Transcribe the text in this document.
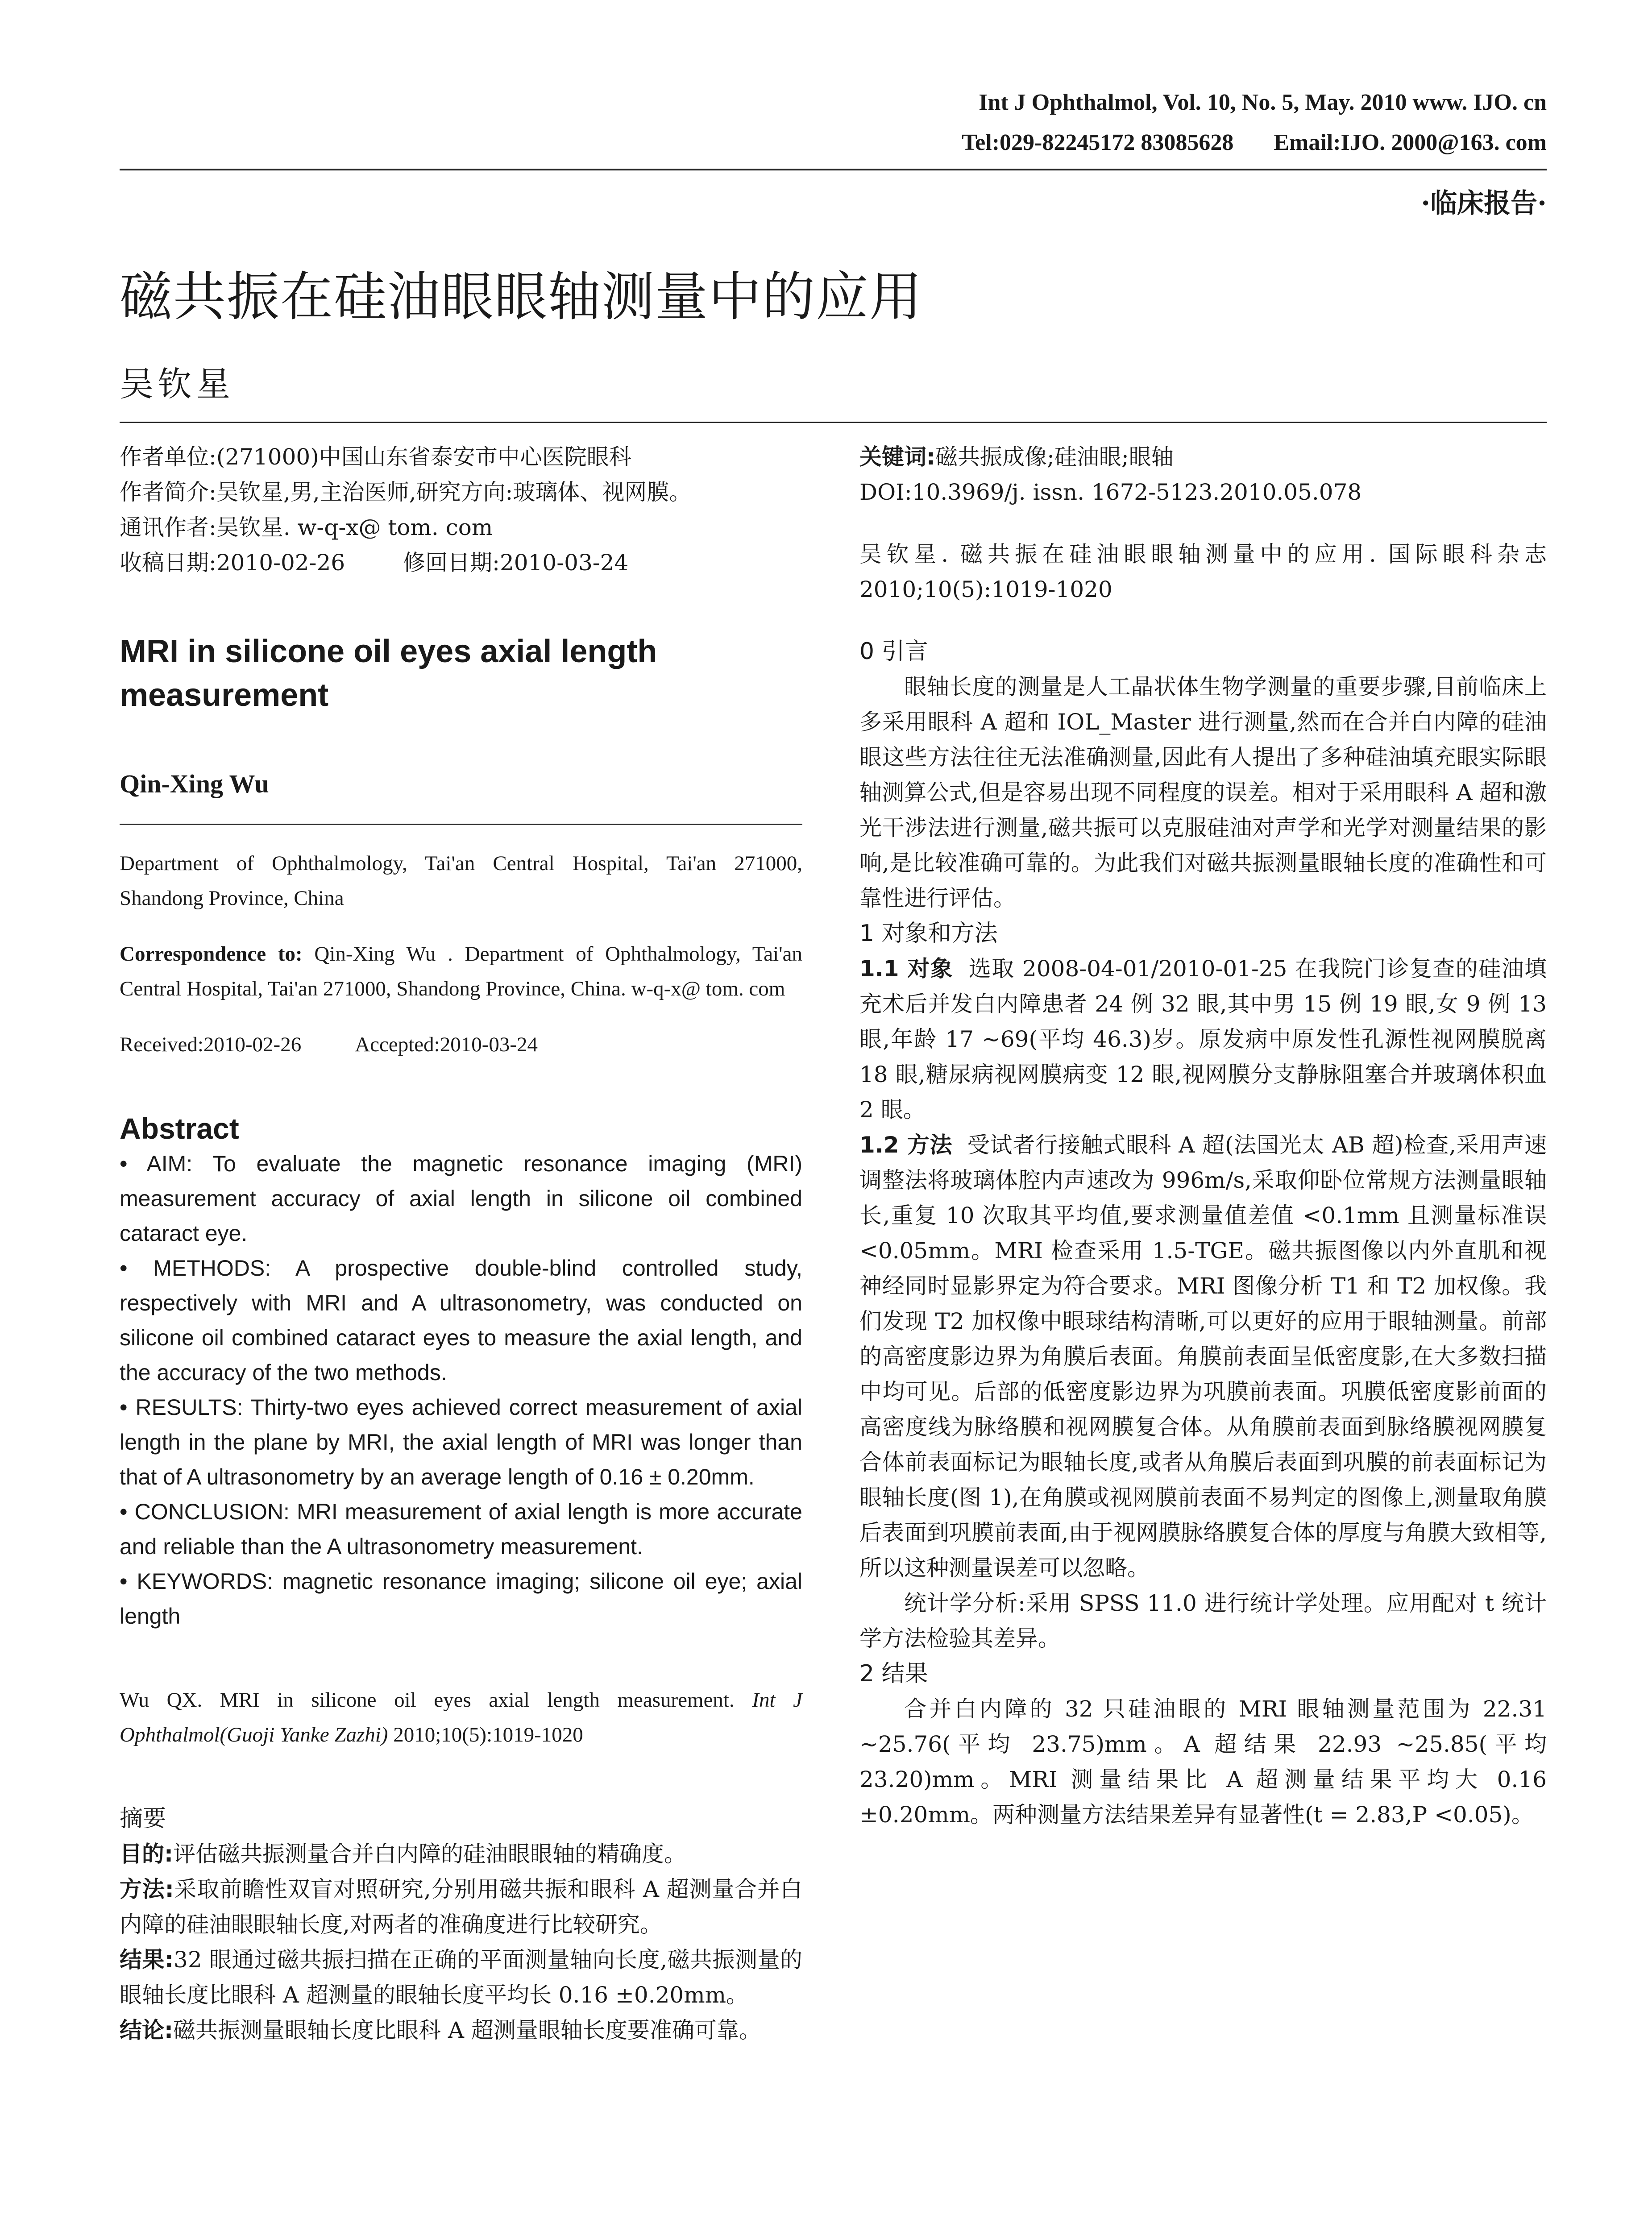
Int J Ophthalmol, Vol. 10, No. 5, May. 2010 www. IJO. cn
Tel:029-82245172 83085628 Email:IJO. 2000@163. com
·临床报告·
磁共振在硅油眼眼轴测量中的应用
吴钦星

作者单位:(271000)中国山东省泰安市中心医院眼科

作者简介:吴钦星,男,主治医师,研究方向:玻璃体、视网膜。

通讯作者:吴钦星. w-q-x@ tom. com

收稿日期:2010-02-26	修回日期:2010-03-24

MRI in silicone oil eyes axial length measurement
Qin-Xing Wu

Department of Ophthalmology, Tai'an Central Hospital, Tai'an 271000, Shandong Province, China

Correspondence to: Qin-Xing Wu . Department of Ophthalmology, Tai'an Central Hospital, Tai'an 271000, Shandong Province, China. w-q-x@ tom. com

Received:2010-02-26	Accepted:2010-03-24

Abstract

• AIM: To evaluate the magnetic resonance imaging (MRI) measurement accuracy of axial length in silicone oil combined cataract eye.

• METHODS: A prospective double-blind controlled study, respectively with MRI and A ultrasonometry, was conducted on silicone oil combined cataract eyes to measure the axial length, and the accuracy of the two methods.

• RESULTS: Thirty-two eyes achieved correct measurement of axial length in the plane by MRI, the axial length of MRI was longer than that of A ultrasonometry by an average length of 0.16 ± 0.20mm.

• CONCLUSION: MRI measurement of axial length is more accurate and reliable than the A ultrasonometry measurement.

• KEYWORDS: magnetic resonance imaging; silicone oil eye; axial length

Wu QX. MRI in silicone oil eyes axial length measurement. Int J Ophthalmol(Guoji Yanke Zazhi) 2010;10(5):1019-1020

摘要

目的:评估磁共振测量合并白内障的硅油眼眼轴的精确度。

方法:采取前瞻性双盲对照研究,分别用磁共振和眼科 A 超测量合并白内障的硅油眼眼轴长度,对两者的准确度进行比较研究。

结果:32 眼通过磁共振扫描在正确的平面测量轴向长度,磁共振测量的眼轴长度比眼科 A 超测量的眼轴长度平均长 0.16 ±0.20mm。

结论:磁共振测量眼轴长度比眼科 A 超测量眼轴长度要准确可靠。

关键词:磁共振成像;硅油眼;眼轴

DOI:10.3969/j. issn. 1672-5123.2010.05.078

吴钦星. 磁共振在硅油眼眼轴测量中的应用. 国际眼科杂志 2010;10(5):1019-1020

0 引言

眼轴长度的测量是人工晶状体生物学测量的重要步骤,目前临床上多采用眼科 A 超和 IOL_Master 进行测量,然而在合并白内障的硅油眼这些方法往往无法准确测量,因此有人提出了多种硅油填充眼实际眼轴测算公式,但是容易出现不同程度的误差。相对于采用眼科 A 超和激光干涉法进行测量,磁共振可以克服硅油对声学和光学对测量结果的影响,是比较准确可靠的。为此我们对磁共振测量眼轴长度的准确性和可靠性进行评估。

1 对象和方法

1.1 对象 选取 2008-04-01/2010-01-25 在我院门诊复查的硅油填充术后并发白内障患者 24 例 32 眼,其中男 15 例 19 眼,女 9 例 13 眼,年龄 17 ~69(平均 46.3)岁。原发病中原发性孔源性视网膜脱离 18 眼,糖尿病视网膜病变 12 眼,视网膜分支静脉阻塞合并玻璃体积血 2 眼。

1.2 方法 受试者行接触式眼科 A 超(法国光太 AB 超)检查,采用声速调整法将玻璃体腔内声速改为 996m/s,采取仰卧位常规方法测量眼轴长,重复 10 次取其平均值,要求测量值差值 <0.1mm 且测量标准误 <0.05mm。MRI 检查采用 1.5-TGE。磁共振图像以内外直肌和视神经同时显影界定为符合要求。MRI 图像分析 T1 和 T2 加权像。我们发现 T2 加权像中眼球结构清晰,可以更好的应用于眼轴测量。前部的高密度影边界为角膜后表面。角膜前表面呈低密度影,在大多数扫描中均可见。后部的低密度影边界为巩膜前表面。巩膜低密度影前面的高密度线为脉络膜和视网膜复合体。从角膜前表面到脉络膜视网膜复合体前表面标记为眼轴长度,或者从角膜后表面到巩膜的前表面标记为眼轴长度(图 1),在角膜或视网膜前表面不易判定的图像上,测量取角膜后表面到巩膜前表面,由于视网膜脉络膜复合体的厚度与角膜大致相等,所以这种测量误差可以忽略。

统计学分析:采用 SPSS 11.0 进行统计学处理。应用配对 t 统计学方法检验其差异。

2 结果

合并白内障的 32 只硅油眼的 MRI 眼轴测量范围为 22.31 ~25.76(平均 23.75)mm。A 超结果 22.93 ~25.85(平均 23.20)mm。MRI 测量结果比 A 超测量结果平均大 0.16 ±0.20mm。两种测量方法结果差异有显著性(t = 2.83,P <0.05)。
